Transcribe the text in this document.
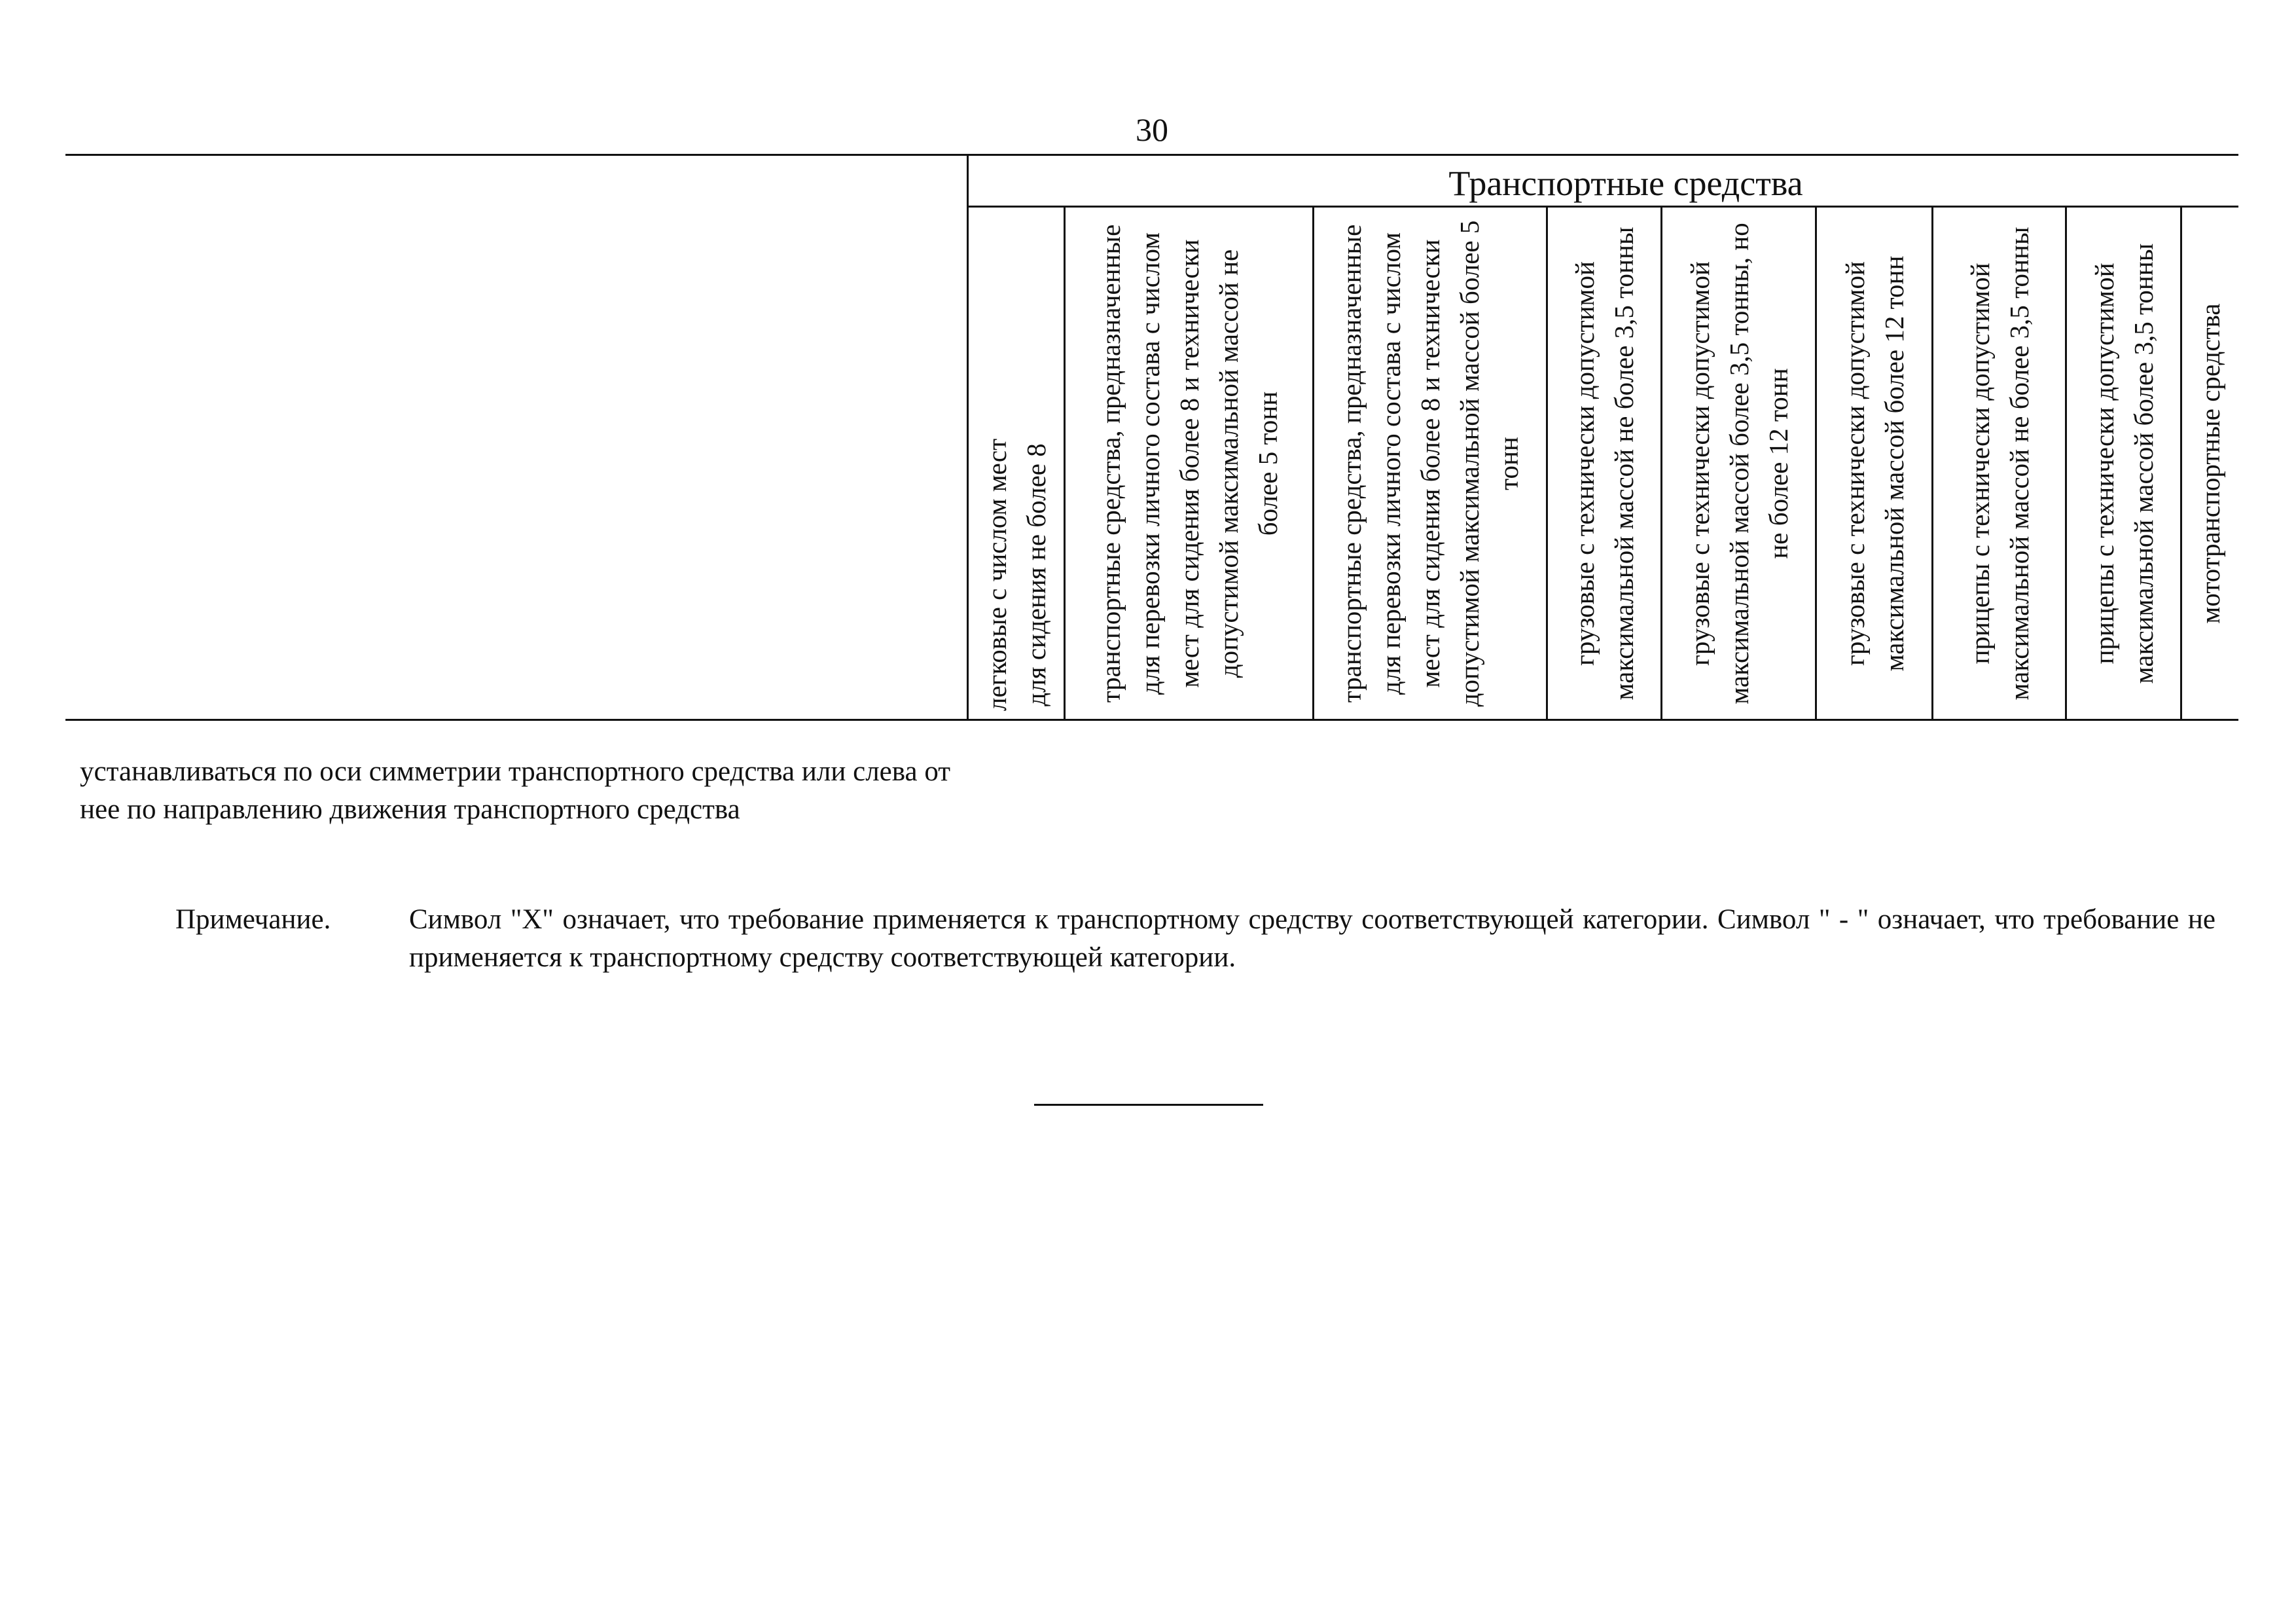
30
Транспортные средства
легковые с числом мест для сидения не более 8 транспортные средства, предназначенные для перевозки личного состава с числом мест для сидения более 8 и технически допустимой максимальной массой не более 5 тонн транспортные средства, предназначенные для перевозки личного состава с числом мест для сидения более 8 и технически допустимой максимальной массой более 5 тонн грузовые с технически допустимой максимальной массой не более 3,5 тонны грузовые с технически допустимой максимальной массой более 3,5 тонны, но не более 12 тонн грузовые с технически допустимой максимальной массой более 12 тонн прицепы с технически допустимой максимальной массой не более 3,5 тонны прицепы с технически допустимой максимальной массой более 3,5 тонны мототранспортные средства
устанавливаться по оси симметрии транспортного средства или слева от нее по направлению движения транспортного средства
Примечание.	Символ "Х" означает, что требование применяется к транспортному средству соответствующей категории. Символ " - " означает, что требование не применяется к транспортному средству соответствующей категории.
